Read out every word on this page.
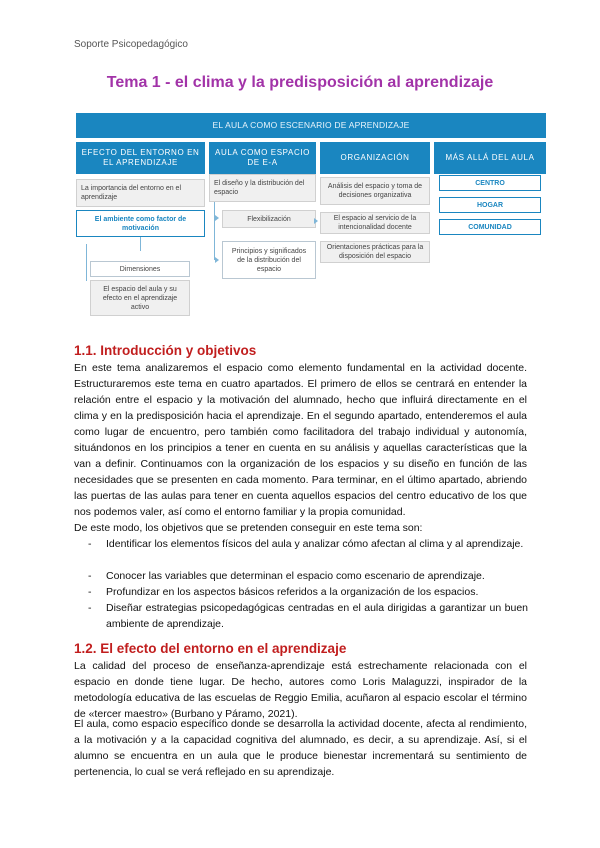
Soporte Psicopedagógico
Tema 1 - el clima y la predisposición al aprendizaje
EL AULA COMO ESCENARIO DE APRENDIZAJE
EFECTO DEL ENTORNO EN EL APRENDIZAJE
AULA COMO ESPACIO DE E-A
ORGANIZACIÓN	MÁS ALLÁ DEL AULA
La importancia del entorno en el aprendizaje
El ambiente como factor de motivación
Dimensiones
El espacio del aula y su efecto en el aprendizaje activo
El diseño y la distribución del espacio
Flexibilización
Principios y significados de la distribución del espacio
Análisis del espacio y toma de decisiones organizativa
El espacio al servicio de la intencionalidad docente
Orientaciones prácticas para la disposición del espacio
CENTRO
HOGAR
COMUNIDAD
1.1. Introducción y objetivos

En este tema analizaremos el espacio como elemento fundamental en la actividad docente. Estructuraremos este tema en cuatro apartados. El primero de ellos se centrará en entender la relación entre el espacio y la motivación del alumnado, hecho que influirá directamente en el clima y en la predisposición hacia el aprendizaje. En el segundo apartado, entenderemos el aula como lugar de encuentro, pero también como facilitadora del trabajo individual y autonomía, situándonos en los principios a tener en cuenta en su análisis y aquellas características que la van a definir. Continuamos con la organización de los espacios y su diseño en función de las necesidades que se presenten en cada momento. Para terminar, en el último apartado, abriendo las puertas de las aulas para tener en cuenta aquellos espacios del centro educativo de los que nos podemos valer, así como el entorno familiar y la propia comunidad.

De este modo, los objetivos que se pretenden conseguir en este tema son:
- Identificar los elementos físicos del aula y analizar cómo afectan al clima y al aprendizaje.
- Conocer las variables que determinan el espacio como escenario de aprendizaje.
- Profundizar en los aspectos básicos referidos a la organización de los espacios.
- Diseñar estrategias psicopedagógicas centradas en el aula dirigidas a garantizar un buen ambiente de aprendizaje.
1.2. El efecto del entorno en el aprendizaje

La calidad del proceso de enseñanza-aprendizaje está estrechamente relacionada con el espacio en donde tiene lugar. De hecho, autores como Loris Malaguzzi, inspirador de la metodología educativa de las escuelas de Reggio Emilia, acuñaron al espacio escolar el término de «tercer maestro» (Burbano y Páramo, 2021).

El aula, como espacio específico donde se desarrolla la actividad docente, afecta al rendimiento, a la motivación y a la capacidad cognitiva del alumnado, es decir, a su aprendizaje. Así, si el alumno se encuentra en un aula que le produce bienestar incrementará su sentimiento de pertenencia, lo cual se verá reflejado en su aprendizaje.
